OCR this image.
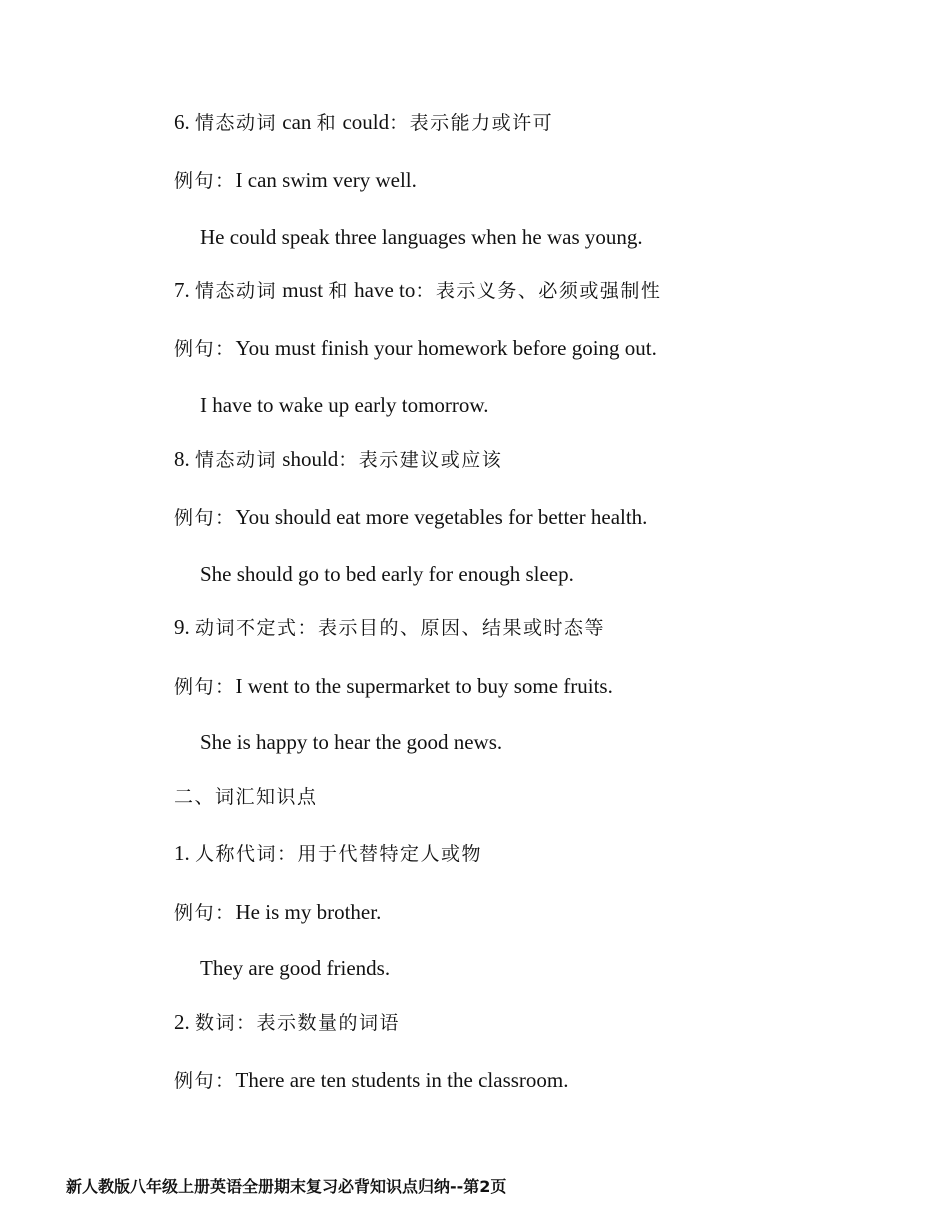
6. 情态动词 can 和 could：表示能力或许可
例句：I can swim very well.
He could speak three languages when he was young.
7. 情态动词 must 和 have to：表示义务、必须或强制性
例句：You must finish your homework before going out.
I have to wake up early tomorrow.
8. 情态动词 should：表示建议或应该
例句：You should eat more vegetables for better health.
She should go to bed early for enough sleep.
9. 动词不定式：表示目的、原因、结果或时态等
例句：I went to the supermarket to buy some fruits.
She is happy to hear the good news.
二、词汇知识点
1. 人称代词：用于代替特定人或物
例句：He is my brother.
They are good friends.
2. 数词：表示数量的词语
例句：There are ten students in the classroom.
新人教版八年级上册英语全册期末复习必背知识点归纳--第2页
